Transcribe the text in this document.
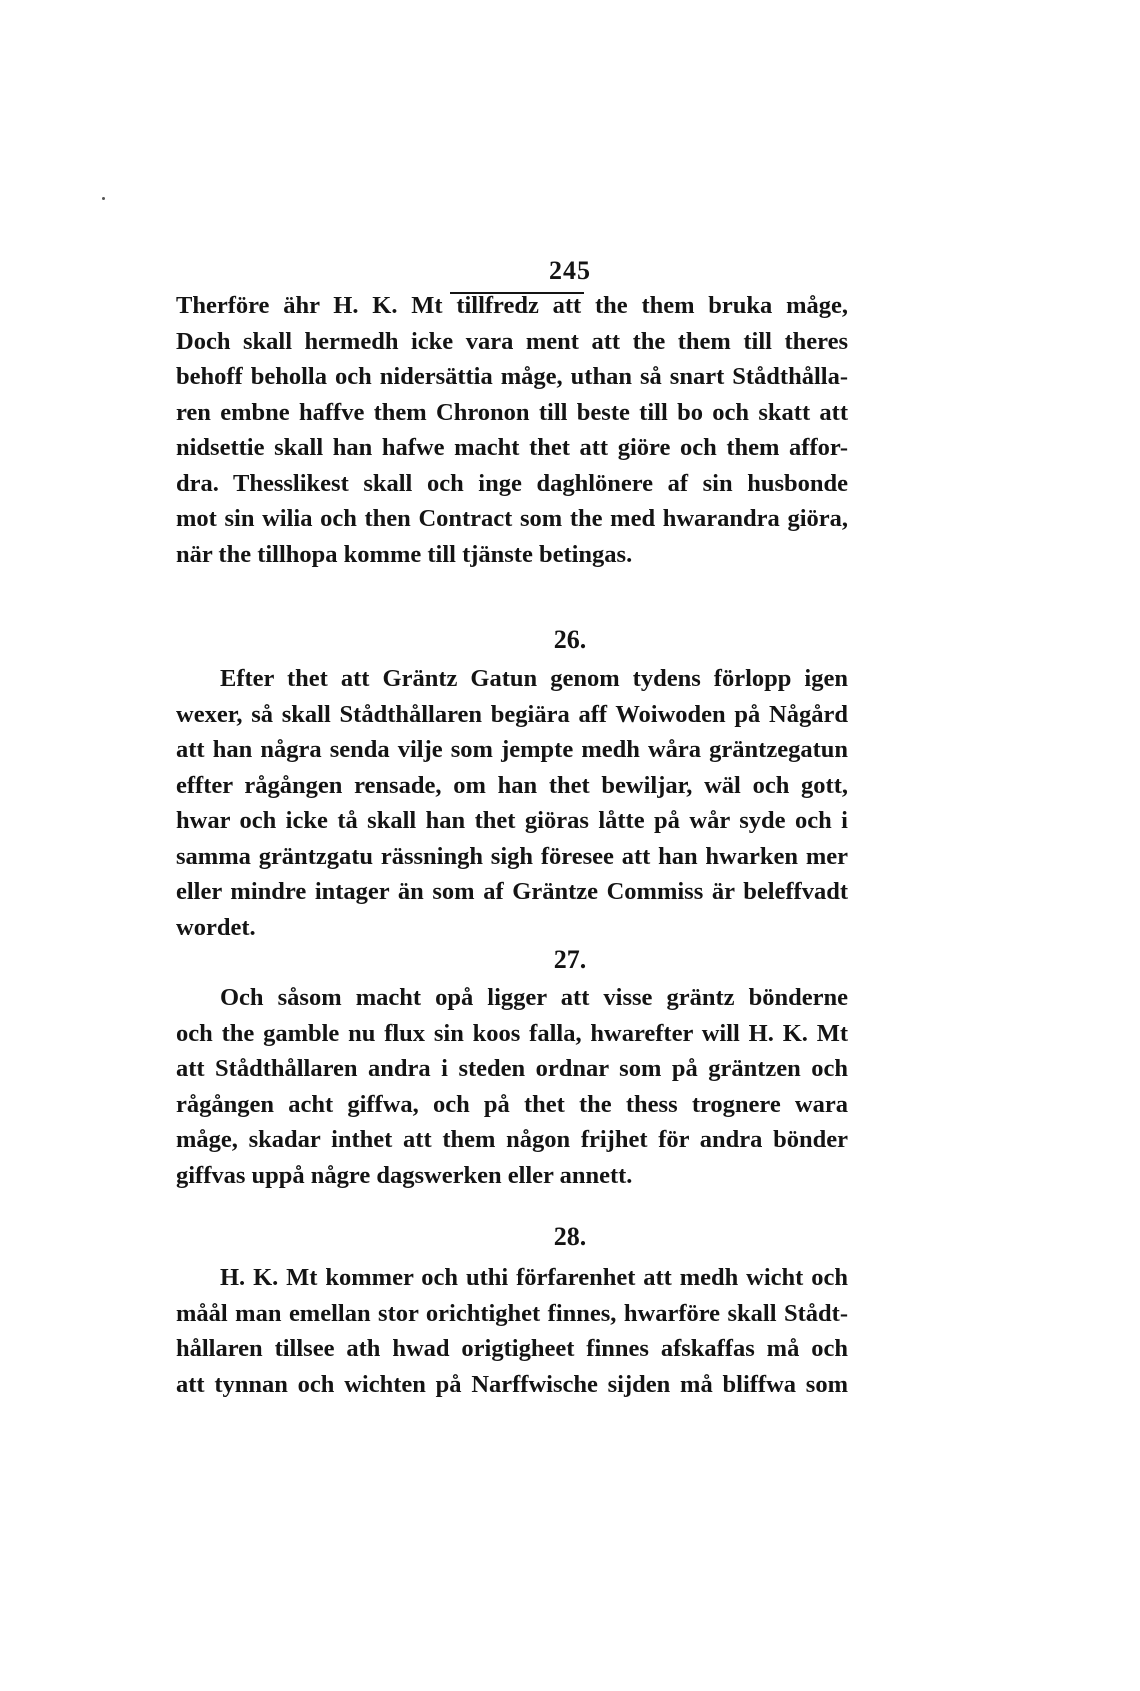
245
Therföre ähr H. K. Mt tillfredz att the them bruka måge,
Doch skall hermedh icke vara ment att the them till theres
behoff beholla och nidersättia måge, uthan så snart Stådthålla-
ren embne haffve them Chronon till beste till bo och skatt att
nidsettie skall han hafwe macht thet att giöre och them affor-
dra. Thesslikest skall och inge daghlönere af sin husbonde
mot sin wilia och then Contract som the med hwarandra giöra,
när the tillhopa komme till tjänste betingas.
26.
Efter thet att Gräntz Gatun genom tydens förlopp igen
wexer, så skall Stådthållaren begiära aff Woiwoden på Någård
att han några senda vilje som jempte medh wåra gräntzegatun
effter rågången rensade, om han thet bewiljar, wäl och gott,
hwar och icke tå skall han thet giöras låtte på wår syde och i
samma gräntzgatu rässningh sigh föresee att han hwarken mer
eller mindre intager än som af Gräntze Commiss är beleffvadt
wordet.
27.
Och såsom macht opå ligger att visse gräntz bönderne
och the gamble nu flux sin koos falla, hwarefter will H. K. Mt
att Stådthållaren andra i steden ordnar som på gräntzen och
rågången acht giffwa, och på thet the thess trognere wara
måge, skadar inthet att them någon frijhet för andra bönder
giffvas uppå någre dagswerken eller annett.
28.
H. K. Mt kommer och uthi förfarenhet att medh wicht och
måål man emellan stor orichtighet finnes, hwarföre skall Stådt-
hållaren tillsee ath hwad origtigheet finnes afskaffas må och
att tynnan och wichten på Narffwische sijden må bliffwa som
